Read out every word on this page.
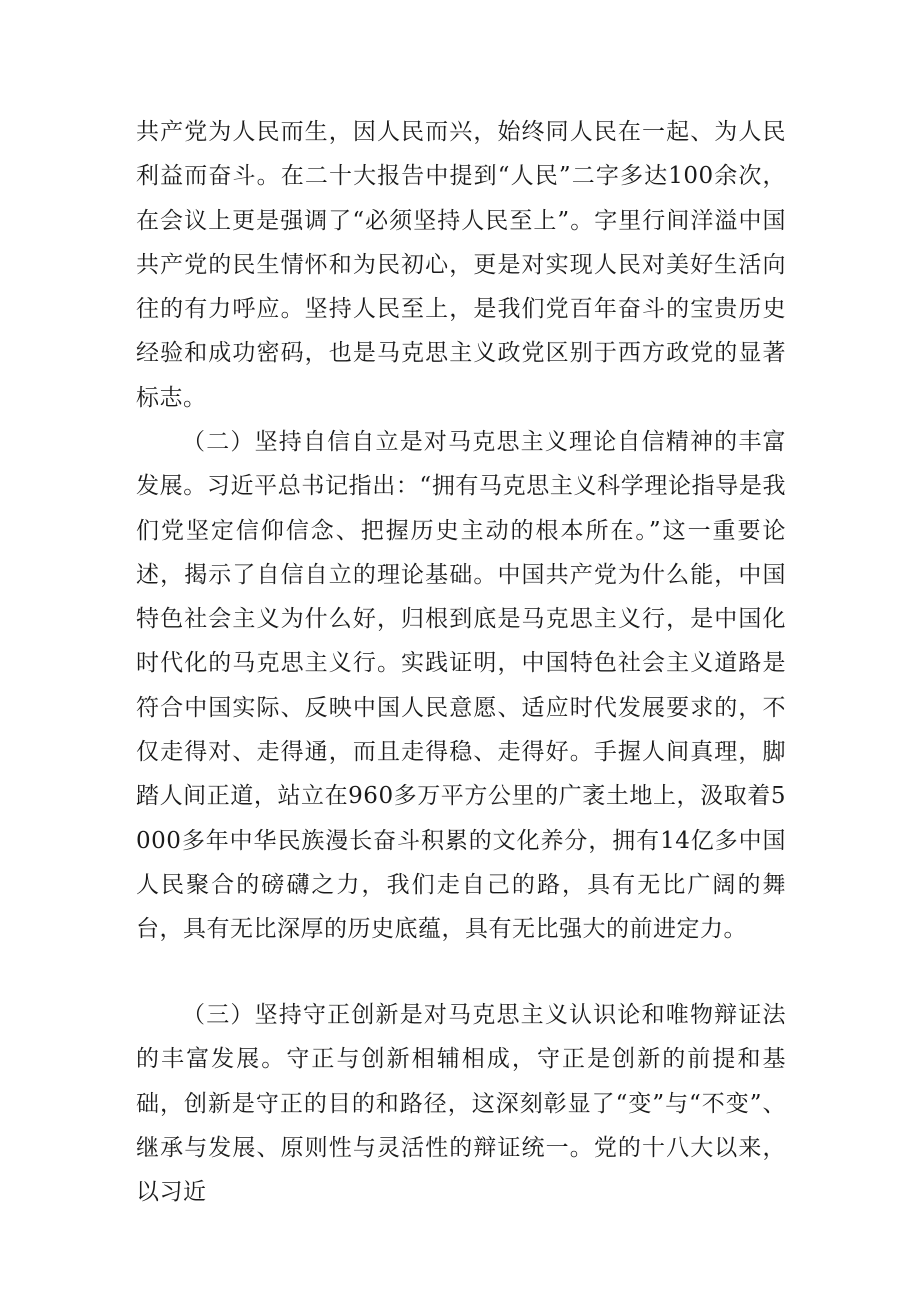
共产党为人民而生，因人民而兴，始终同人民在一起、为人民利益而奋斗。在二十大报告中提到“人民”二字多达100余次，在会议上更是强调了“必须坚持人民至上”。字里行间洋溢中国共产党的民生情怀和为民初心，更是对实现人民对美好生活向往的有力呼应。坚持人民至上，是我们党百年奋斗的宝贵历史经验和成功密码，也是马克思主义政党区别于西方政党的显著标志。

（二）坚持自信自立是对马克思主义理论自信精神的丰富发展。习近平总书记指出：“拥有马克思主义科学理论指导是我们党坚定信仰信念、把握历史主动的根本所在。”这一重要论述，揭示了自信自立的理论基础。中国共产党为什么能，中国特色社会主义为什么好，归根到底是马克思主义行，是中国化时代化的马克思主义行。实践证明，中国特色社会主义道路是符合中国实际、反映中国人民意愿、适应时代发展要求的，不仅走得对、走得通，而且走得稳、走得好。手握人间真理，脚踏人间正道，站立在960多万平方公里的广袤土地上，汲取着5000多年中华民族漫长奋斗积累的文化养分，拥有14亿多中国人民聚合的磅礴之力，我们走自己的路，具有无比广阔的舞台，具有无比深厚的历史底蕴，具有无比强大的前进定力。

（三）坚持守正创新是对马克思主义认识论和唯物辩证法的丰富发展。守正与创新相辅相成，守正是创新的前提和基础，创新是守正的目的和路径，这深刻彰显了“变”与“不变”、继承与发展、原则性与灵活性的辩证统一。党的十八大以来，以习近
